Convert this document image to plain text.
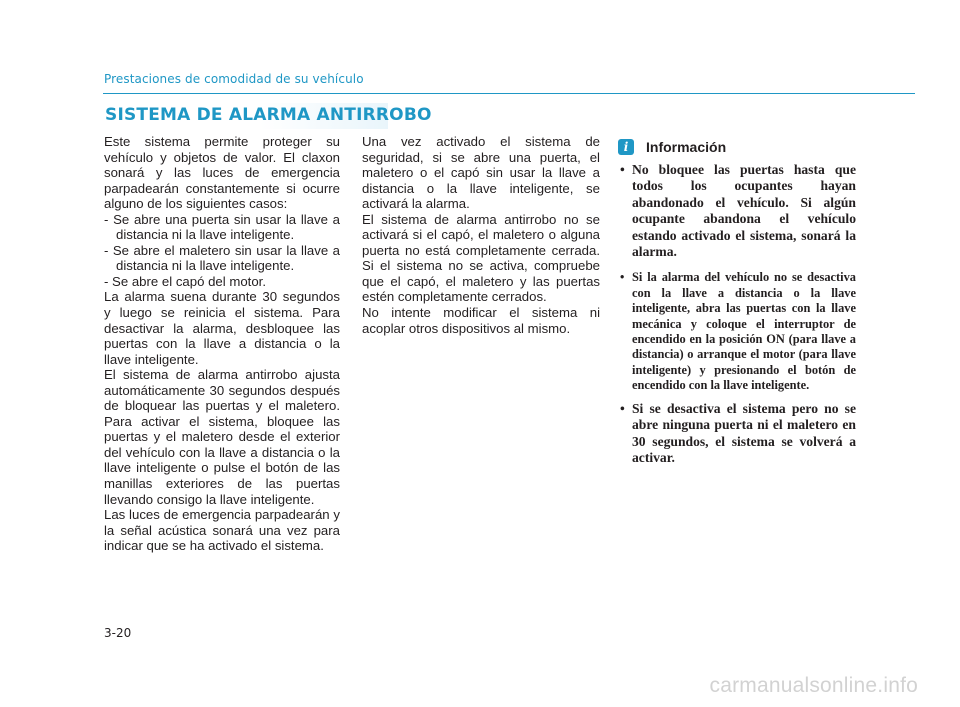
Prestaciones de comodidad de su vehículo
SISTEMA DE ALARMA ANTIRROBO

Este sistema permite proteger su vehículo y objetos de valor. El claxon sonará y las luces de emergencia parpadearán constantemente si ocurre alguno de los siguientes casos:

- Se abre una puerta sin usar la llave a distancia ni la llave inteligente.

- Se abre el maletero sin usar la llave a distancia ni la llave inteligente.

- Se abre el capó del motor.

La alarma suena durante 30 segundos y luego se reinicia el sistema. Para desactivar la alarma, desbloquee las puertas con la llave a distancia o la llave inteligente.

El sistema de alarma antirrobo ajusta automáticamente 30 segundos después de bloquear las puertas y el maletero. Para activar el sistema, bloquee las puertas y el maletero desde el exterior del vehículo con la llave a distancia o la llave inteligente o pulse el botón de las manillas exteriores de las puertas llevando consigo la llave inteligente.

Las luces de emergencia parpadearán y la señal acústica sonará una vez para indicar que se ha activado el sistema.

Una vez activado el sistema de seguridad, si se abre una puerta, el maletero o el capó sin usar la llave a distancia o la llave inteligente, se activará la alarma.

El sistema de alarma antirrobo no se activará si el capó, el maletero o alguna puerta no está completamente cerrada. Si el sistema no se activa, compruebe que el capó, el maletero y las puertas estén completamente cerrados.

No intente modificar el sistema ni acoplar otros dispositivos al mismo.

i	Información
• No bloquee las puertas hasta que todos los ocupantes hayan abandonado el vehículo. Si algún ocupante abandona el vehículo estando activado el sistema, sonará la alarma.
• Si la alarma del vehículo no se desactiva con la llave a distancia o la llave inteligente, abra las puertas con la llave mecánica y coloque el interruptor de encendido en la posición ON (para llave a distancia) o arranque el motor (para llave inteligente) y presionando el botón de encendido con la llave inteligente.
• Si se desactiva el sistema pero no se abre ninguna puerta ni el maletero en 30 segundos, el sistema se volverá a activar.
3-20
carmanualsonline.info
